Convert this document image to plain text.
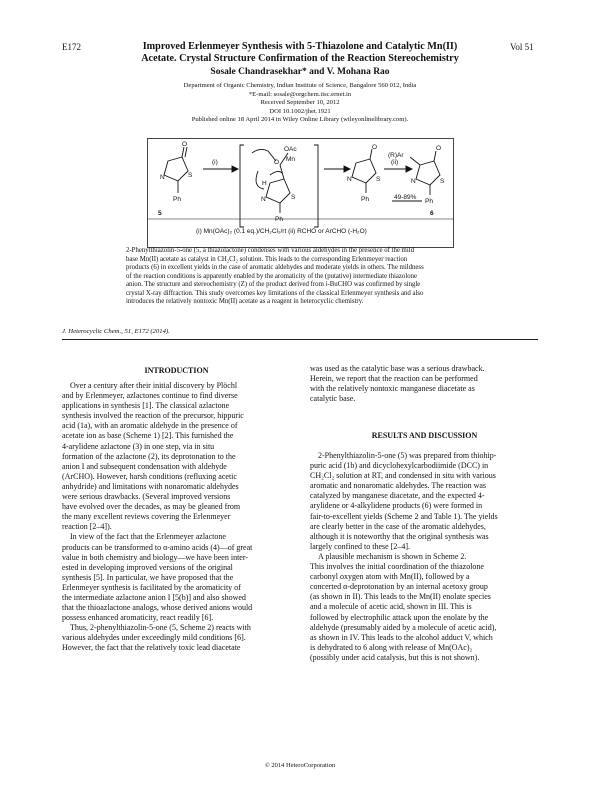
E172	Vol 51
Improved Erlenmeyer Synthesis with 5-Thiazolone and Catalytic Mn(II)
Acetate. Crystal Structure Confirmation of the Reaction Stereochemistry
Sosale Chandrasekhar* and V. Mohana Rao
Department of Organic Chemistry, Indian Institute of Science, Bangalore 560 012, India
*E-mail: sosale@orgchem.iisc.ernet.in
Received September 10, 2012
DOI 10.1002/jhet.1921
Published online 18 April 2014 in Wiley Online Library (wileyonlinelibrary.com).
O
N	S
Ph
5
(i)
OAc
Mn
H
O
S
N
Ph
O
S
N
Ph
(ii)
(R)Ar
O
S
N
Ph
49-89%
6
(i) Mn(OAc)₂ (0.1 eq.)/CH₂Cl₂/rt (ii) RCHO or ArCHO (-H₂O)
2-Phenylthiazolin-5-one (5, a thiazolactone) condenses with various aldehydes in the presence of the mild
base Mn(II) acetate as catalyst in CH₂Cl₂ solution. This leads to the corresponding Erlenmeyer reaction
products (6) in excellent yields in the case of aromatic aldehydes and moderate yields in others. The mildness
of the reaction conditions is apparently enabled by the aromaticity of the (putative) intermediate thiazolone
anion. The structure and stereochemistry (Z) of the product derived from i-BuCHO was confirmed by single
crystal X-ray diffraction. This study overcomes key limitations of the classical Erlenmeyer synthesis and also
introduces the relatively nontoxic Mn(II) acetate as a reagent in heterocyclic chemistry.
J. Heterocyclic Chem., 51, E172 (2014).
INTRODUCTION
Over a century after their initial discovery by Plöchl
and by Erlenmeyer, azlactones continue to find diverse
applications in synthesis [1]. The classical azlactone
synthesis involved the reaction of the precursor, hippuric
acid (1a), with an aromatic aldehyde in the presence of
acetate ion as base (Scheme 1) [2]. This furnished the
4-arylidene azlactone (3) in one step, via in situ
formation of the azlactone (2), its deprotonation to the
anion I and subsequent condensation with aldehyde
(ArCHO). However, harsh conditions (refluxing acetic
anhydride) and limitations with nonaromatic aldehydes
were serious drawbacks. (Several improved versions
have evolved over the decades, as may be gleaned from
the many excellent reviews covering the Erlenmeyer
reaction [2–4]).
In view of the fact that the Erlenmeyer azlactone
products can be transformed to α-amino acids (4)—of great
value in both chemistry and biology—we have been inter-
ested in developing improved versions of the original
synthesis [5]. In particular, we have proposed that the
Erlenmeyer synthesis is facilitated by the aromaticity of
the intermediate azlactone anion I [5(b)] and also showed
that the thioazlactone analogs, whose derived anions would
possess enhanced aromaticity, react readily [6].
Thus, 2-phenylthiazolin-5-one (5, Scheme 2) reacts with
various aldehydes under exceedingly mild conditions [6].
However, the fact that the relatively toxic lead diacetate
was used as the catalytic base was a serious drawback.
Herein, we report that the reaction can be performed
with the relatively nontoxic manganese diacetate as
catalytic base.
RESULTS AND DISCUSSION
2-Phenylthiazolin-5-one (5) was prepared from thiohip-
puric acid (1b) and dicyclohexylcarbodiimide (DCC) in
CH₂Cl₂ solution at RT, and condensed in situ with various
aromatic and nonaromatic aldehydes. The reaction was
catalyzed by manganese diacetate, and the expected 4-
arylidene or 4-alkylidene products (6) were formed in
fair-to-excellent yields (Scheme 2 and Table 1). The yields
are clearly better in the case of the aromatic aldehydes,
although it is noteworthy that the original synthesis was
largely confined to these [2–4].
A plausible mechanism is shown in Scheme 2.
This involves the initial coordination of the thiazolone
carbonyl oxygen atom with Mn(II), followed by a
concerted α-deprotonation by an internal acetoxy group
(as shown in II). This leads to the Mn(II) enolate species
and a molecule of acetic acid, shown in III. This is
followed by electrophilic attack upon the enolate by the
aldehyde (presumably aided by a molecule of acetic acid),
as shown in IV. This leads to the alcohol adduct V, which
is dehydrated to 6 along with release of Mn(OAc)₂
(possibly under acid catalysis, but this is not shown).
© 2014 HeteroCorporation
